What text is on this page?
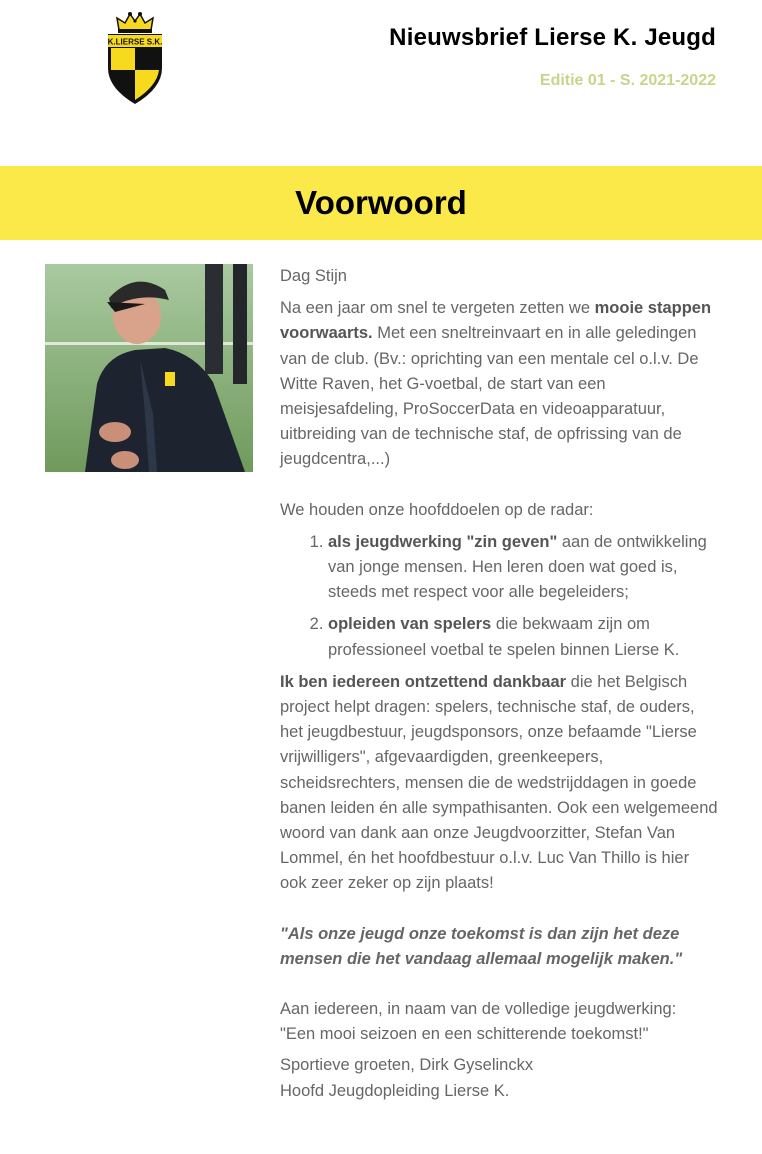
K.LIERSE S.K.	Nieuwsbrief Lierse K. Jeugd

Editie 01 - S. 2021-2022

Voorwoord

Dag Stijn

Na een jaar om snel te vergeten zetten we mooie stappen voorwaarts. Met een sneltreinvaart en in alle geledingen van de club. (Bv.: oprichting van een mentale cel o.l.v. De Witte Raven, het G-voetbal, de start van een meisjesafdeling, ProSoccerData en videoapparatuur, uitbreiding van de technische staf, de opfrissing van de jeugdcentra,...)

We houden onze hoofddoelen op de radar:

1. als jeugdwerking "zin geven" aan de ontwikkeling van jonge mensen. Hen leren doen wat goed is, steeds met respect voor alle begeleiders;
2. opleiden van spelers die bekwaam zijn om professioneel voetbal te spelen binnen Lierse K.

Ik ben iedereen ontzettend dankbaar die het Belgisch project helpt dragen: spelers, technische staf, de ouders, het jeugdbestuur, jeugdsponsors, onze befaamde "Lierse vrijwilligers", afgevaardigden, greenkeepers, scheidsrechters, mensen die de wedstrijddagen in goede banen leiden én alle sympathisanten. Ook een welgemeend woord van dank aan onze Jeugdvoorzitter, Stefan Van Lommel, én het hoofdbestuur o.l.v. Luc Van Thillo is hier ook zeer zeker op zijn plaats!

"Als onze jeugd onze toekomst is dan zijn het deze mensen die het vandaag allemaal mogelijk maken."

Aan iedereen, in naam van de volledige jeugdwerking:
"Een mooi seizoen en een schitterende toekomst!"

Sportieve groeten, Dirk Gyselinckx
Hoofd Jeugdopleiding Lierse K.
